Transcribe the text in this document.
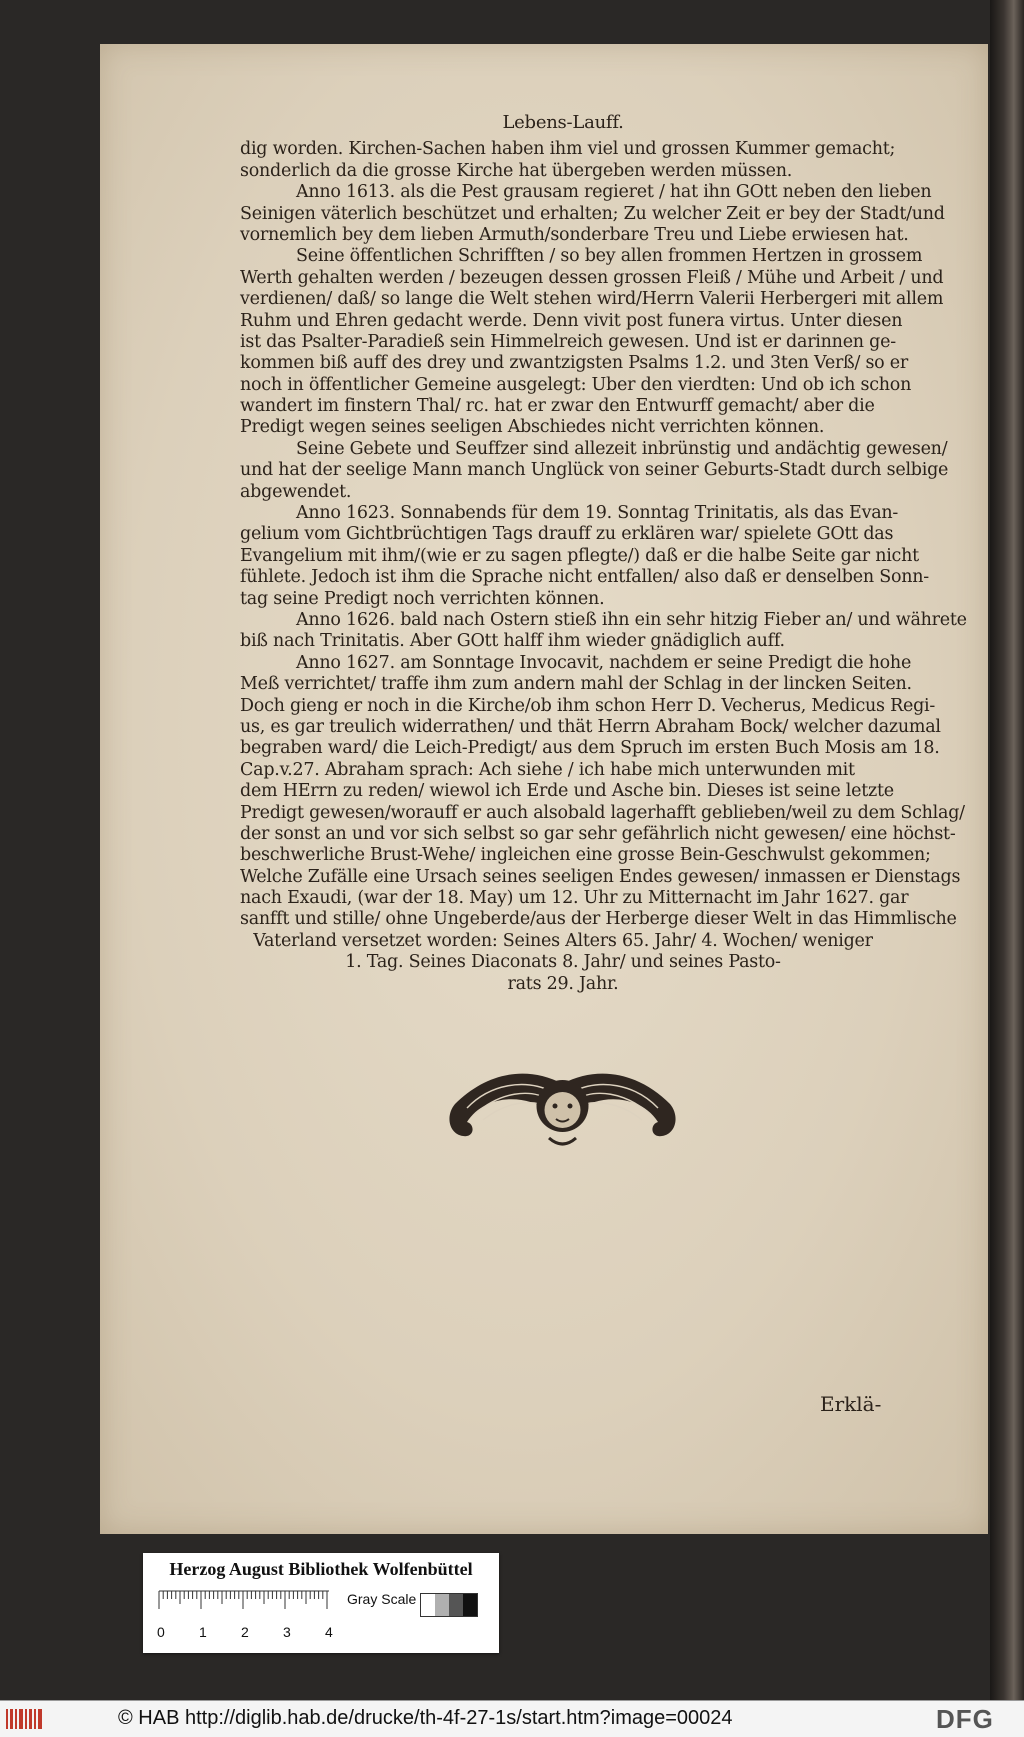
Lebens-Lauff.
dig worden. Kirchen-Sachen haben ihm viel und grossen Kummer gemacht;
sonderlich da die grosse Kirche hat übergeben werden müssen.
Anno 1613. als die Pest grausam regieret / hat ihn GOtt neben den lieben
Seinigen väterlich beschützet und erhalten; Zu welcher Zeit er bey der Stadt/und
vornemlich bey dem lieben Armuth/sonderbare Treu und Liebe erwiesen hat.
Seine öffentlichen Schrifften / so bey allen frommen Hertzen in grossem
Werth gehalten werden / bezeugen dessen grossen Fleiß / Mühe und Arbeit / und
verdienen/ daß/ so lange die Welt stehen wird/Herrn Valerii Herbergeri mit allem
Ruhm und Ehren gedacht werde. Denn vivit post funera virtus. Unter diesen
ist das Psalter-Paradieß sein Himmelreich gewesen. Und ist er darinnen ge-
kommen biß auff des drey und zwantzigsten Psalms 1.2. und 3ten Verß/ so er
noch in öffentlicher Gemeine ausgelegt: Uber den vierdten: Und ob ich schon
wandert im finstern Thal/ rc. hat er zwar den Entwurff gemacht/ aber die
Predigt wegen seines seeligen Abschiedes nicht verrichten können.
Seine Gebete und Seuffzer sind allezeit inbrünstig und andächtig gewesen/
und hat der seelige Mann manch Unglück von seiner Geburts-Stadt durch selbige
abgewendet.
Anno 1623. Sonnabends für dem 19. Sonntag Trinitatis, als das Evan-
gelium vom Gichtbrüchtigen Tags drauff zu erklären war/ spielete GOtt das
Evangelium mit ihm/(wie er zu sagen pflegte/) daß er die halbe Seite gar nicht
fühlete. Jedoch ist ihm die Sprache nicht entfallen/ also daß er denselben Sonn-
tag seine Predigt noch verrichten können.
Anno 1626. bald nach Ostern stieß ihn ein sehr hitzig Fieber an/ und währete
biß nach Trinitatis. Aber GOtt halff ihm wieder gnädiglich auff.
Anno 1627. am Sonntage Invocavit, nachdem er seine Predigt die hohe
Meß verrichtet/ traffe ihm zum andern mahl der Schlag in der lincken Seiten.
Doch gieng er noch in die Kirche/ob ihm schon Herr D. Vecherus, Medicus Regi-
us, es gar treulich widerrathen/ und thät Herrn Abraham Bock/ welcher dazumal
begraben ward/ die Leich-Predigt/ aus dem Spruch im ersten Buch Mosis am 18.
Cap.v.27. Abraham sprach: Ach siehe / ich habe mich unterwunden mit
dem HErrn zu reden/ wiewol ich Erde und Asche bin. Dieses ist seine letzte
Predigt gewesen/worauff er auch alsobald lagerhafft geblieben/weil zu dem Schlag/
der sonst an und vor sich selbst so gar sehr gefährlich nicht gewesen/ eine höchst-
beschwerliche Brust-Wehe/ ingleichen eine grosse Bein-Geschwulst gekommen;
Welche Zufälle eine Ursach seines seeligen Endes gewesen/ inmassen er Dienstags
nach Exaudi, (war der 18. May) um 12. Uhr zu Mitternacht im Jahr 1627. gar
sanfft und stille/ ohne Ungeberde/aus der Herberge dieser Welt in das Himmlische
Vaterland versetzet worden: Seines Alters 65. Jahr/ 4. Wochen/ weniger
1. Tag. Seines Diaconats 8. Jahr/ und seines Pasto-
rats 29. Jahr.
Erklä-
Herzog August Bibliothek Wolfenbüttel
0 1 2 3 4
Gray Scale
© HAB http://diglib.hab.de/drucke/th-4f-27-1s/start.htm?image=00024	DFG
